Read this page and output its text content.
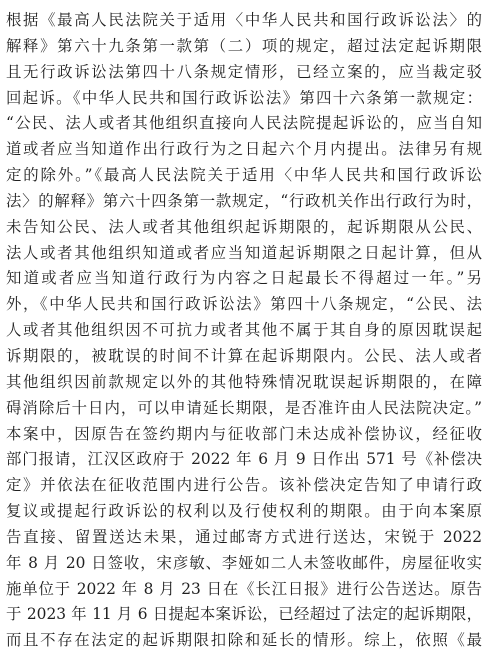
根据《最高人民法院关于适用〈中华人民共和国行政诉讼法〉的
解释》第六十九条第一款第（二）项的规定，超过法定起诉期限
且无行政诉讼法第四十八条规定情形，已经立案的，应当裁定驳
回起诉。《中华人民共和国行政诉讼法》第四十六条第一款规定：
“公民、法人或者其他组织直接向人民法院提起诉讼的，应当自知
道或者应当知道作出行政行为之日起六个月内提出。法律另有规
定的除外。”《最高人民法院关于适用〈中华人民共和国行政诉讼
法〉的解释》第六十四条第一款规定，“行政机关作出行政行为时，
未告知公民、法人或者其他组织起诉期限的，起诉期限从公民、
法人或者其他组织知道或者应当知道起诉期限之日起计算，但从
知道或者应当知道行政行为内容之日起最长不得超过一年。”另
外，《中华人民共和国行政诉讼法》第四十八条规定，“公民、法
人或者其他组织因不可抗力或者其他不属于其自身的原因耽误起
诉期限的，被耽误的时间不计算在起诉期限内。公民、法人或者
其他组织因前款规定以外的其他特殊情况耽误起诉期限的，在障
碍消除后十日内，可以申请延长期限，是否准许由人民法院决定。”
本案中，因原告在签约期内与征收部门未达成补偿协议，经征收
部门报请，江汉区政府于 2022 年 6 月 9 日作出 571 号《补偿决
定》并依法在征收范围内进行公告。该补偿决定告知了申请行政
复议或提起行政诉讼的权利以及行使权利的期限。由于向本案原
告直接、留置送达未果，通过邮寄方式进行送达，宋锐于 2022
年 8 月 20 日签收，宋彦敏、李娅如二人未签收邮件，房屋征收实
施单位于 2022 年 8 月 23 日在《长江日报》进行公告送达。原告
于 2023 年 11 月 6 日提起本案诉讼，已经超过了法定的起诉期限，
而且不存在法定的起诉期限扣除和延长的情形。综上，依照《最
